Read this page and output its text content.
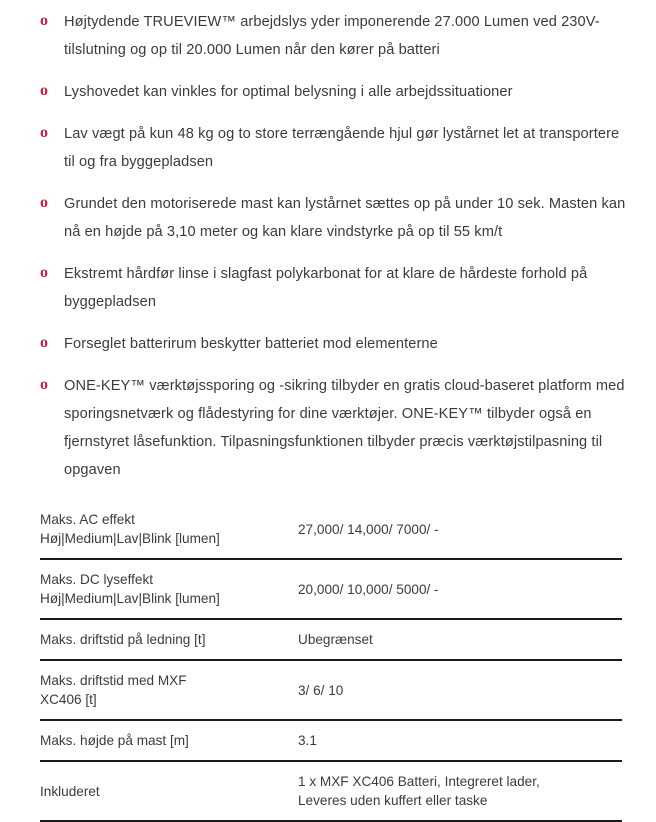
o	Højtydende TRUEVIEW™ arbejdslys yder imponerende 27.000 Lumen ved 230V-tilslutning og op til 20.000 Lumen når den kører på batteri
o	Lyshovedet kan vinkles for optimal belysning i alle arbejdssituationer
o	Lav vægt på kun 48 kg og to store terrængående hjul gør lystårnet let at transportere til og fra byggepladsen
o	Grundet den motoriserede mast kan lystårnet sættes op på under 10 sek. Masten kan nå en højde på 3,10 meter og kan klare vindstyrke på op til 55 km/t
o	Ekstremt hårdfør linse i slagfast polykarbonat for at klare de hårdeste forhold på byggepladsen
o	Forseglet batterirum beskytter batteriet mod elementerne
o	ONE-KEY™ værktøjssporing og -sikring tilbyder en gratis cloud-baseret platform med sporingsnetværk og flådestyring for dine værktøjer. ONE-KEY™ tilbyder også en fjernstyret låsefunktion. Tilpasningsfunktionen tilbyder præcis værktøjstilpasning til opgaven
Maks. AC effekt
Høj|Medium|Lav|Blink [lumen]	27,000/ 14,000/ 7000/ -

Maks. DC lyseffekt
Høj|Medium|Lav|Blink [lumen]	20,000/ 10,000/ 5000/ -

Maks. driftstid på ledning [t]	Ubegrænset

Maks. driftstid med MXF
XC406 [t]	3/ 6/ 10

Maks. højde på mast [m]	3.1

Inkluderet	1 x MXF XC406 Batteri, Integreret lader,
Leveres uden kuffert eller taske
